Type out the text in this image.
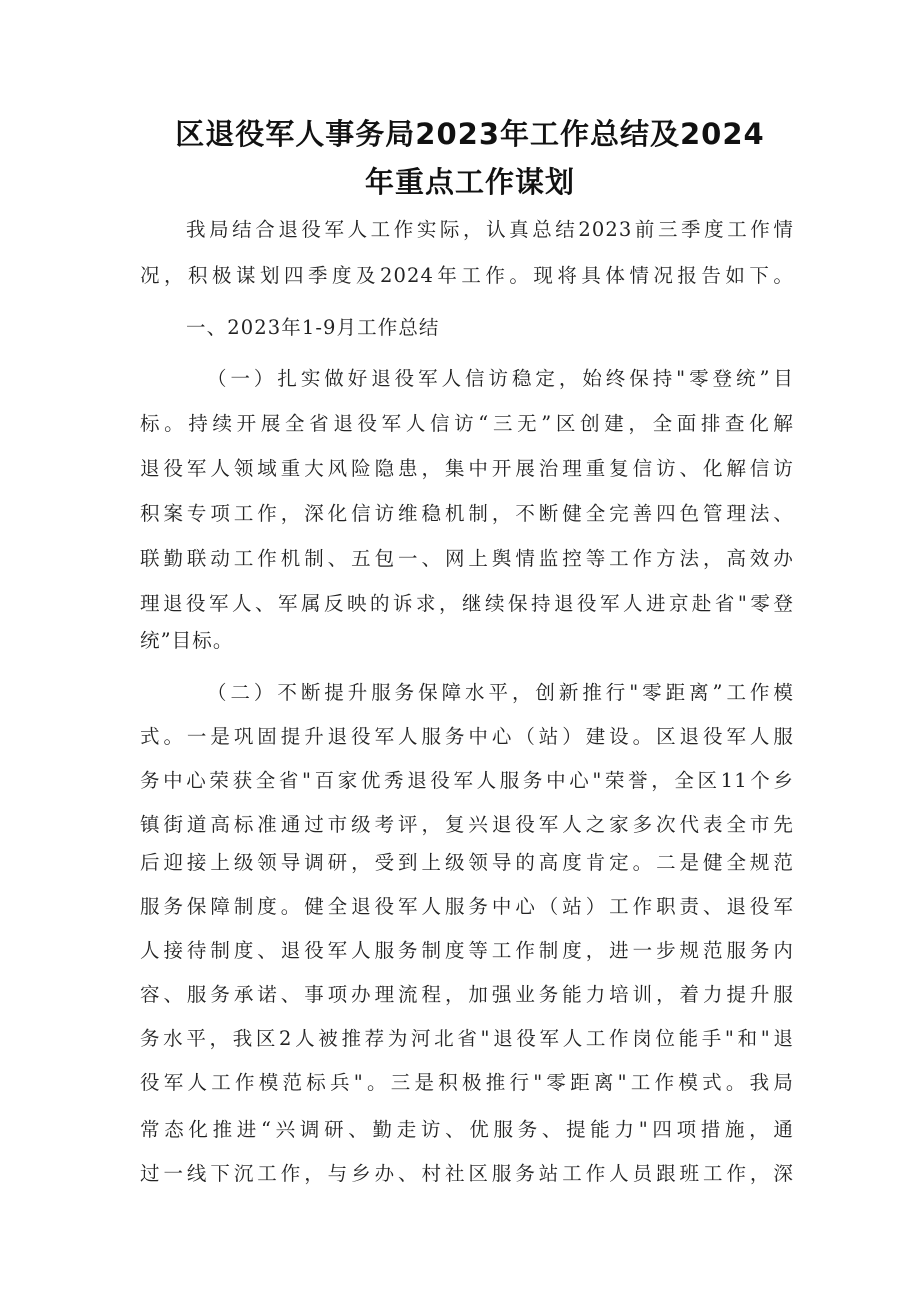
区退役军人事务局2023年工作总结及2024
年重点工作谋划
我局结合退役军人工作实际，认真总结2023前三季度工作情
况，积极谋划四季度及2024年工作。现将具体情况报告如下。
一、2023年1-9月工作总结
（一）扎实做好退役军人信访稳定，始终保持"零登统”目
标。持续开展全省退役军人信访“三无”区创建，全面排查化解
退役军人领域重大风险隐患，集中开展治理重复信访、化解信访
积案专项工作，深化信访维稳机制，不断健全完善四色管理法、
联勤联动工作机制、五包一、网上舆情监控等工作方法，高效办
理退役军人、军属反映的诉求，继续保持退役军人进京赴省"零登
统”目标。
（二）不断提升服务保障水平，创新推行"零距离”工作模
式。一是巩固提升退役军人服务中心（站）建设。区退役军人服
务中心荣获全省"百家优秀退役军人服务中心"荣誉，全区11个乡
镇街道高标准通过市级考评，复兴退役军人之家多次代表全市先
后迎接上级领导调研，受到上级领导的高度肯定。二是健全规范
服务保障制度。健全退役军人服务中心（站）工作职责、退役军
人接待制度、退役军人服务制度等工作制度，进一步规范服务内
容、服务承诺、事项办理流程，加强业务能力培训，着力提升服
务水平，我区2人被推荐为河北省"退役军人工作岗位能手"和"退
役军人工作模范标兵"。三是积极推行"零距离"工作模式。我局
常态化推进“兴调研、勤走访、优服务、提能力"四项措施，通
过一线下沉工作，与乡办、村社区服务站工作人员跟班工作，深
